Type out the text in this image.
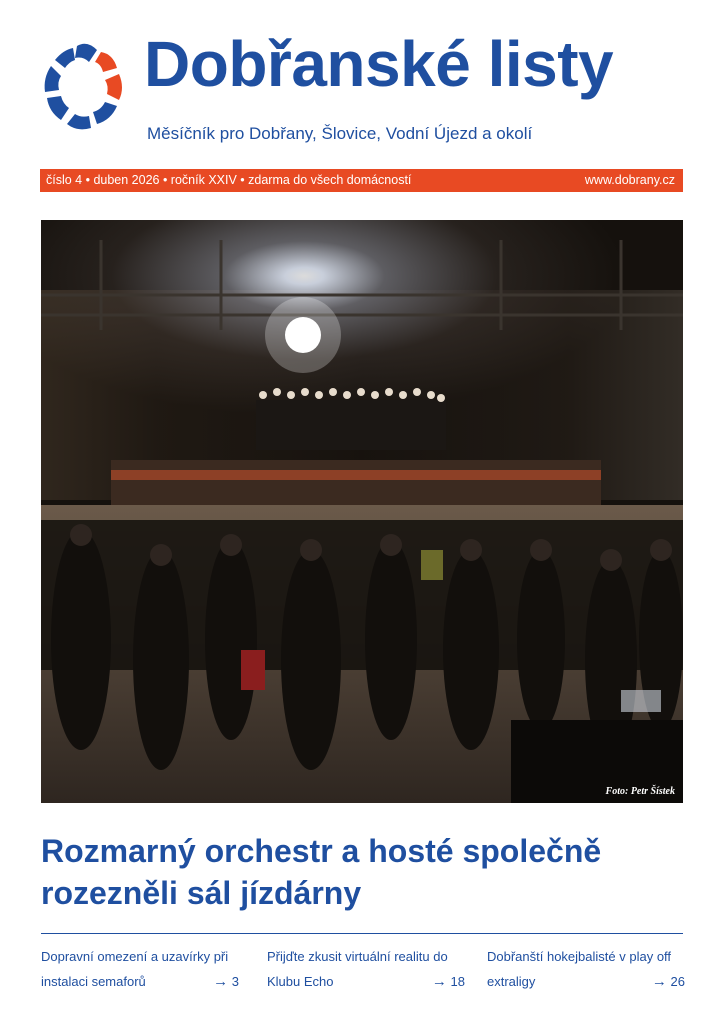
Dobřanské listy
Měsíčník pro Dobřany, Šlovice, Vodní Újezd a okolí
číslo 4 • duben 2026 • ročník XXIV • zdarma do všech domácností	www.dobrany.cz
Foto: Petr Šístek
Rozmarný orchestr a hosté společně
rozezněli sál jízdárny
Dopravní omezení a uzavírky při
instalaci semaforů	→ 3
Přijďte zkusit virtuální realitu do
Klubu Echo	→ 18
Dobřanští hokejbalisté v play off
extraligy	→ 26
